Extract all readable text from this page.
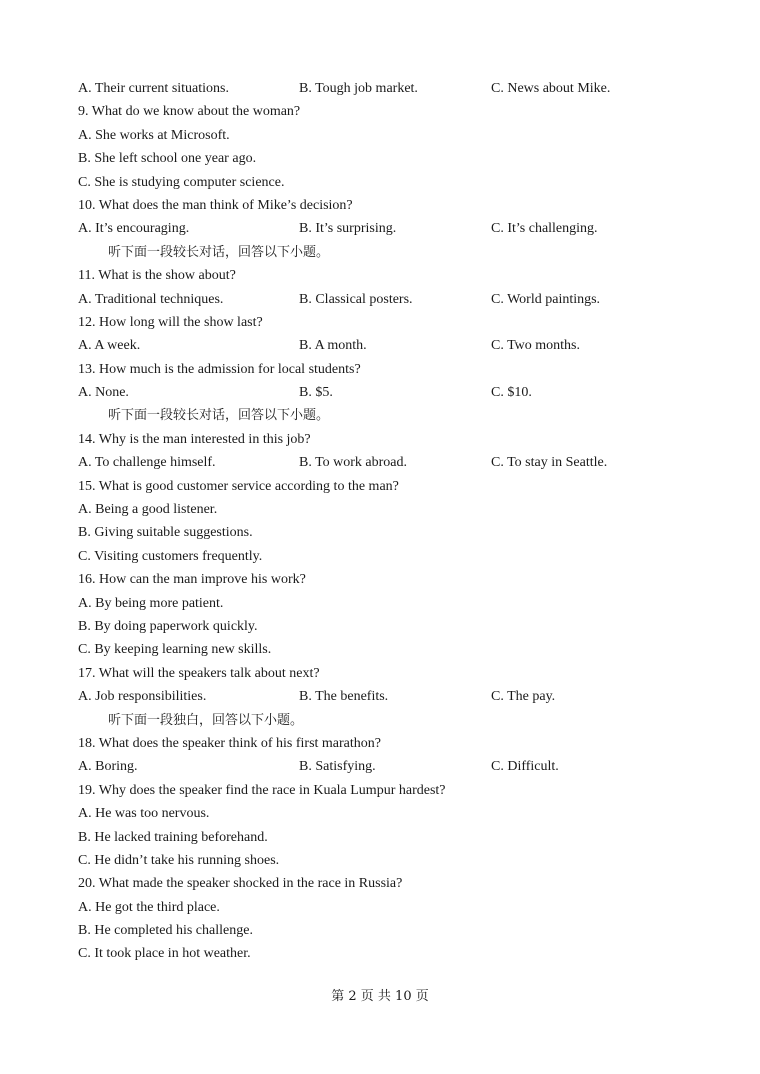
A. Their current situations.	B. Tough job market.	C. News about Mike.
9. What do we know about the woman?
A. She works at Microsoft.
B. She left school one year ago.
C. She is studying computer science.
10. What does the man think of Mike’s decision?
A. It’s encouraging.	B. It’s surprising.	C. It’s challenging.
听下面一段较长对话，回答以下小题。
11. What is the show about?
A. Traditional techniques.	B. Classical posters.	C. World paintings.
12. How long will the show last?
A. A week.	B. A month.	C. Two months.
13. How much is the admission for local students?
A. None.	B. $5.	C. $10.
听下面一段较长对话，回答以下小题。
14. Why is the man interested in this job?
A. To challenge himself.	B. To work abroad.	C. To stay in Seattle.
15. What is good customer service according to the man?
A. Being a good listener.
B. Giving suitable suggestions.
C. Visiting customers frequently.
16. How can the man improve his work?
A. By being more patient.
B. By doing paperwork quickly.
C. By keeping learning new skills.
17. What will the speakers talk about next?
A. Job responsibilities.	B. The benefits.	C. The pay.
听下面一段独白，回答以下小题。
18. What does the speaker think of his first marathon?
A. Boring.	B. Satisfying.	C. Difficult.
19. Why does the speaker find the race in Kuala Lumpur hardest?
A. He was too nervous.
B. He lacked training beforehand.
C. He didn’t take his running shoes.
20. What made the speaker shocked in the race in Russia?
A. He got the third place.
B. He completed his challenge.
C. It took place in hot weather.
第 2 页 共 10 页
